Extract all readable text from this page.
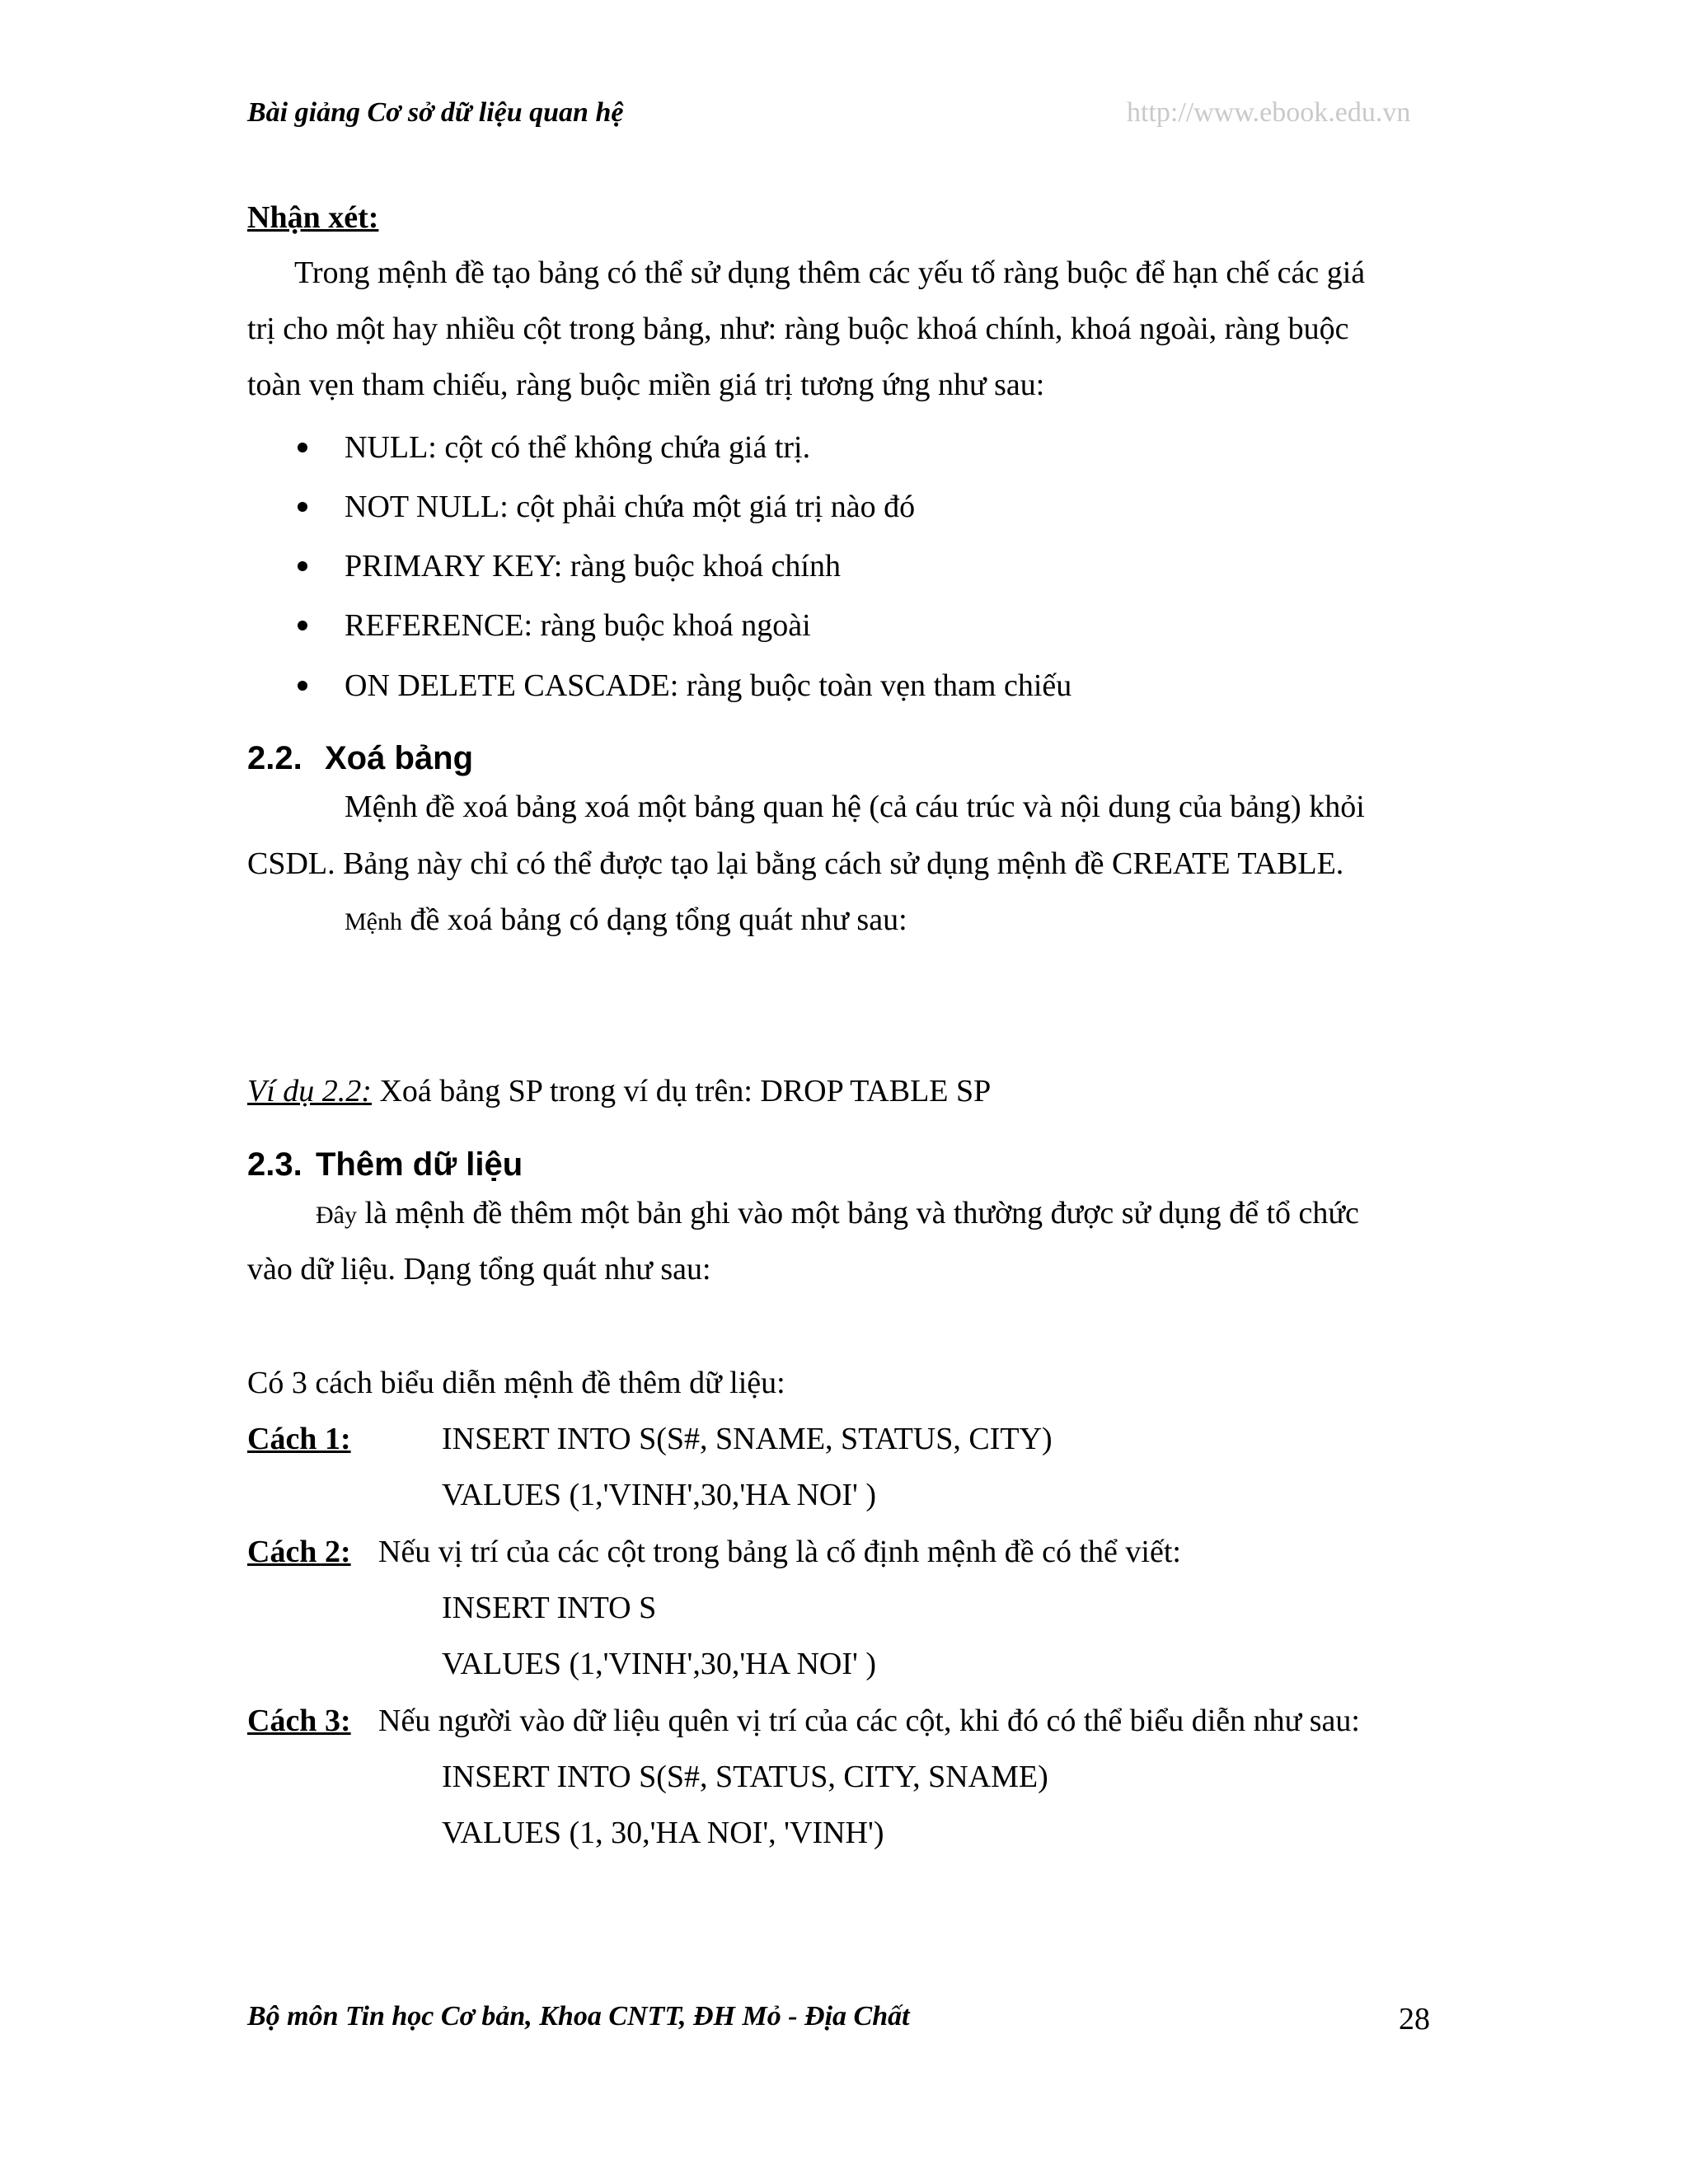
Bài giảng Cơ sở dữ liệu quan hệ	http://www.ebook.edu.vn
Nhận xét:
Trong mệnh đề tạo bảng có thể sử dụng thêm các yếu tố ràng buộc để hạn chế các giá
trị cho một hay nhiều cột trong bảng, như: ràng buộc khoá chính, khoá ngoài, ràng buộc
toàn vẹn tham chiếu, ràng buộc miền giá trị tương ứng như sau:
NULL: cột có thể không chứa giá trị.
NOT NULL: cột phải chứa một giá trị nào đó
PRIMARY KEY: ràng buộc khoá chính
REFERENCE: ràng buộc khoá ngoài
ON DELETE CASCADE: ràng buộc toàn vẹn tham chiếu
2.2. Xoá bảng
Mệnh đề xoá bảng xoá một bảng quan hệ (cả cáu trúc và nội dung của bảng) khỏi
CSDL. Bảng này chỉ có thể được tạo lại bằng cách sử dụng mệnh đề CREATE TABLE.
Mệnh đề xoá bảng có dạng tổng quát như sau:
Ví dụ 2.2: Xoá bảng SP trong ví dụ trên: DROP TABLE SP
2.3. Thêm dữ liệu
Đây là mệnh đề thêm một bản ghi vào một bảng và thường được sử dụng để tổ chức
vào dữ liệu. Dạng tổng quát như sau:
Có 3 cách biểu diễn mệnh đề thêm dữ liệu:
Cách 1:	INSERT INTO S(S#, SNAME, STATUS, CITY)
VALUES (1,'VINH',30,'HA NOI' )
Cách 2: Nếu vị trí của các cột trong bảng là cố định mệnh đề có thể viết:
INSERT INTO S
VALUES (1,'VINH',30,'HA NOI' )
Cách 3: Nếu người vào dữ liệu quên vị trí của các cột, khi đó có thể biểu diễn như sau:
INSERT INTO S(S#, STATUS, CITY, SNAME)
VALUES (1, 30,'HA NOI', 'VINH')
Bộ môn Tin học Cơ bản, Khoa CNTT, ĐH Mỏ - Địa Chất	28
